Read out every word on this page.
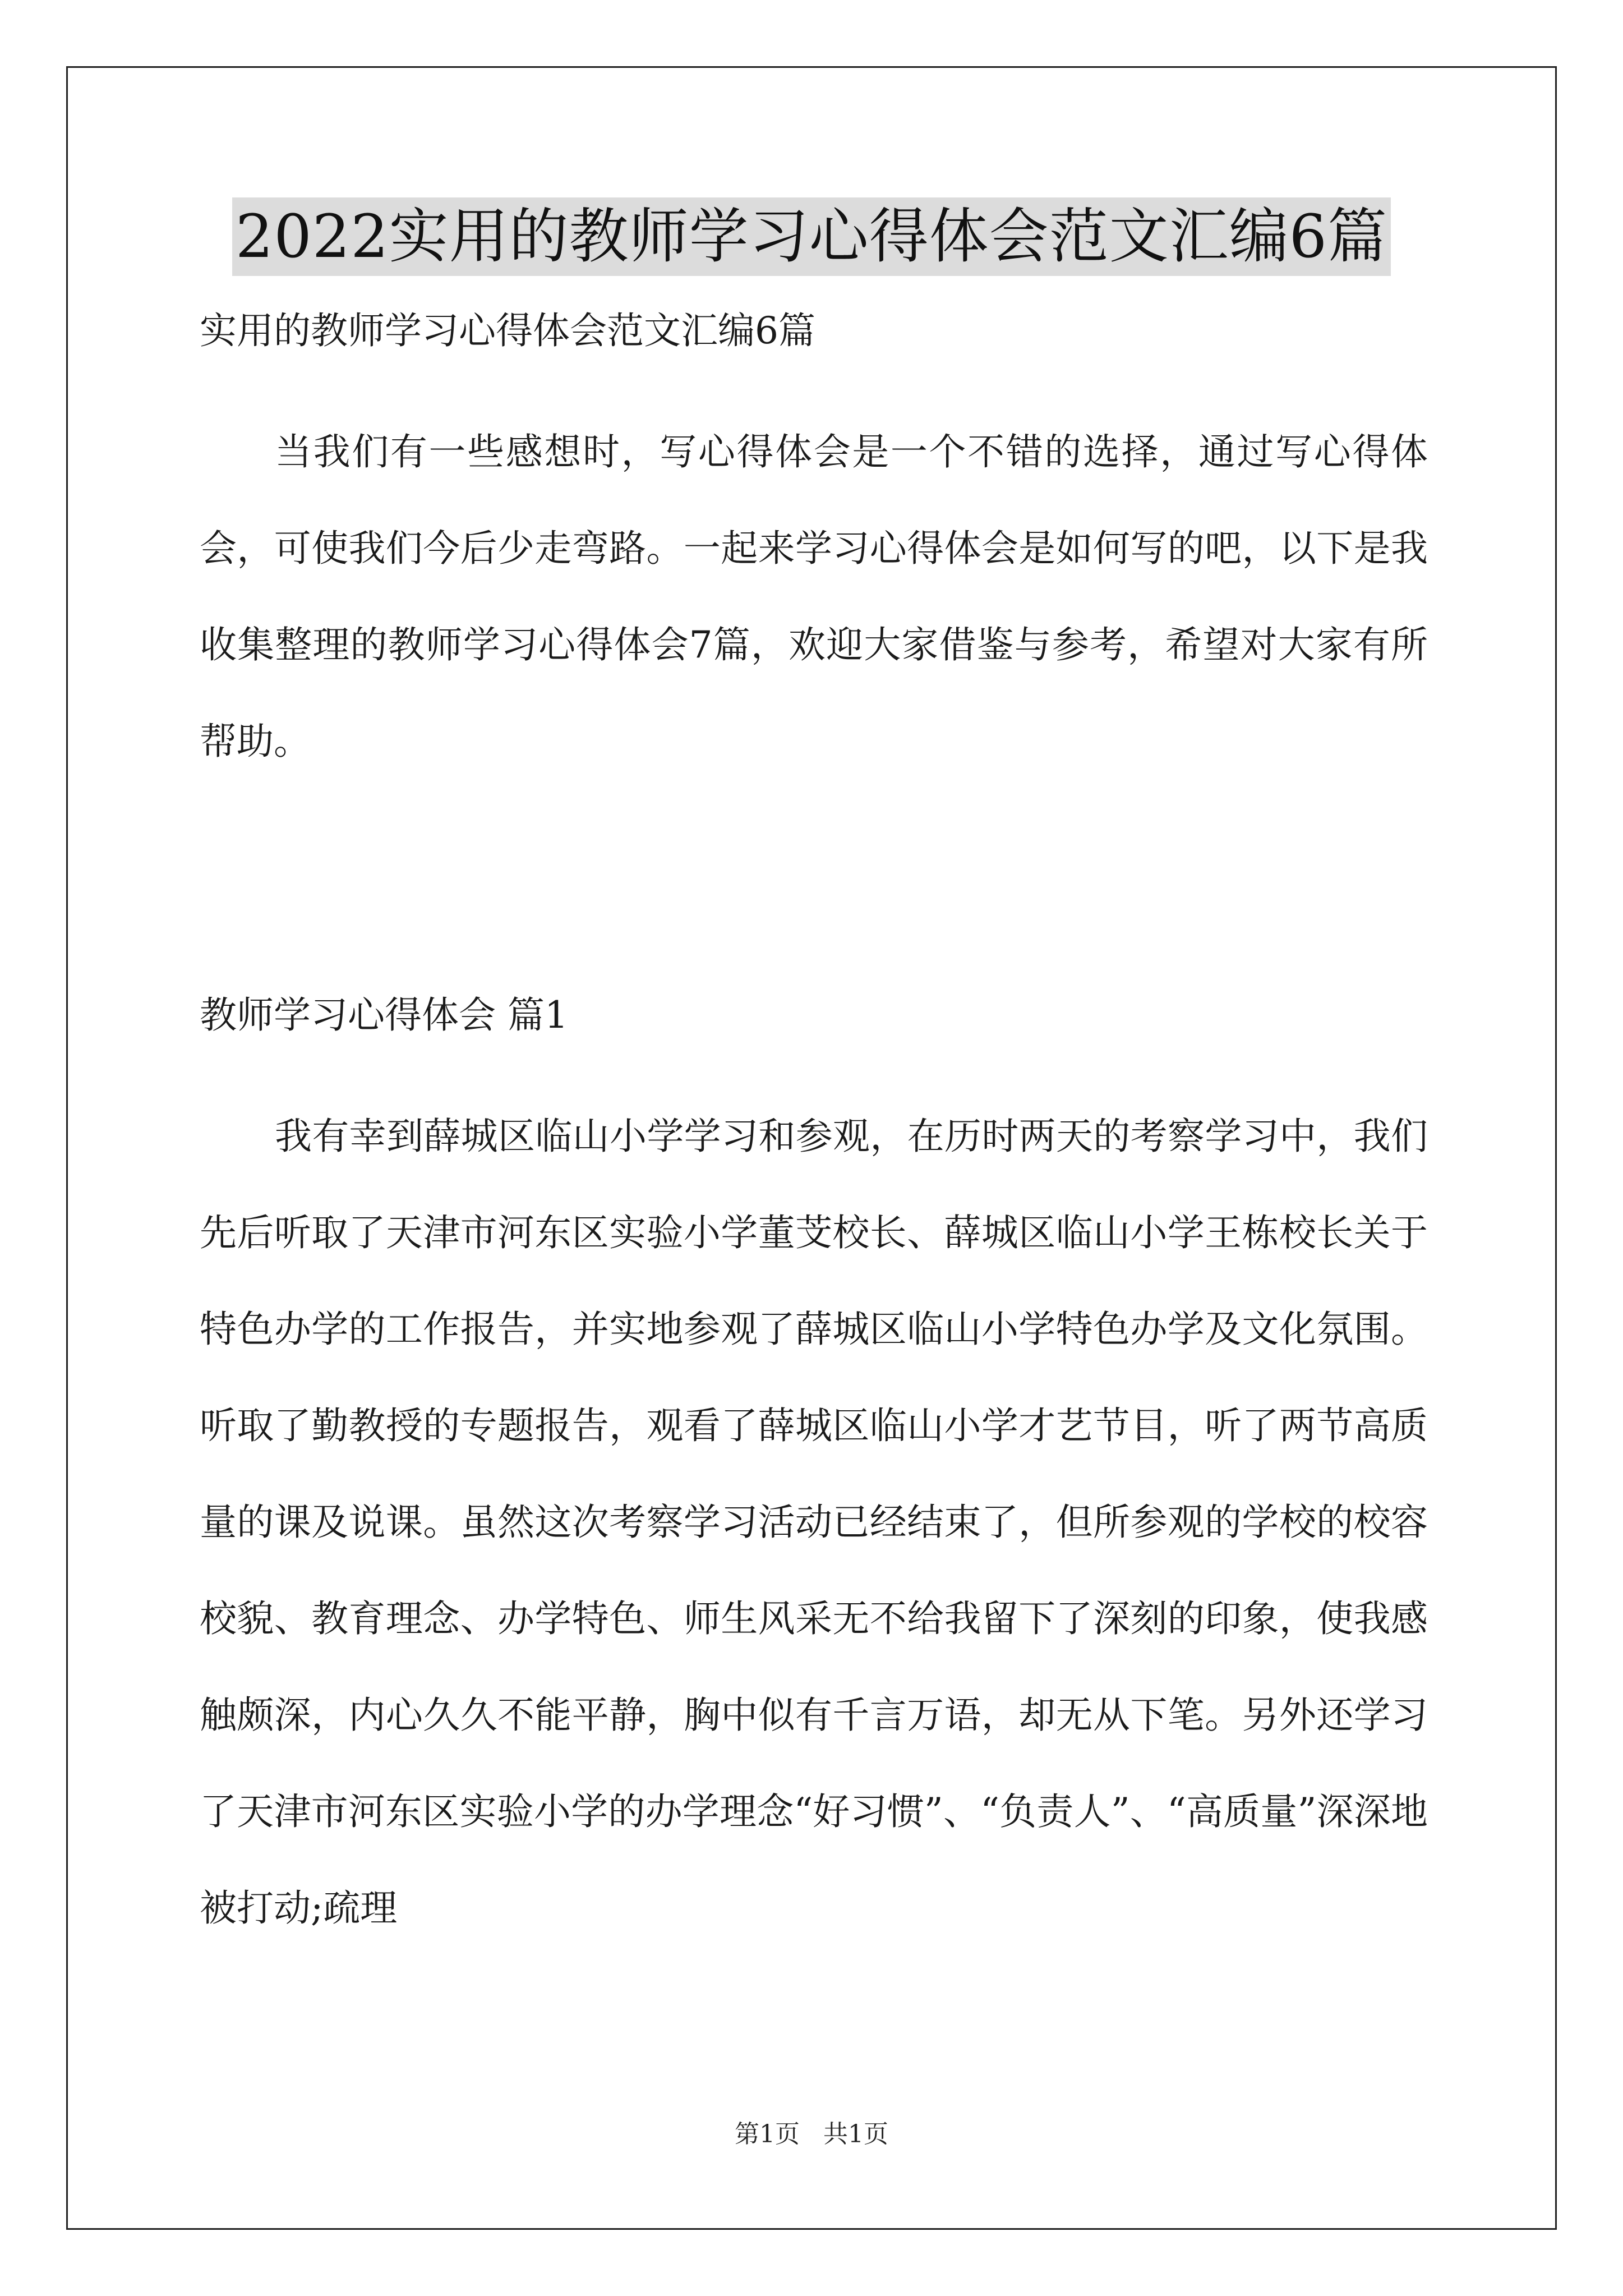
2022实用的教师学习心得体会范文汇编6篇
实用的教师学习心得体会范文汇编6篇

当我们有一些感想时，写心得体会是一个不错的选择，通过写心得体会，可使我们今后少走弯路。一起来学习心得体会是如何写的吧，以下是我收集整理的教师学习心得体会7篇，欢迎大家借鉴与参考，希望对大家有所帮助。

教师学习心得体会 篇1

我有幸到薛城区临山小学学习和参观，在历时两天的考察学习中，我们先后听取了天津市河东区实验小学董芠校长、薛城区临山小学王栋校长关于特色办学的工作报告，并实地参观了薛城区临山小学特色办学及文化氛围。听取了勤教授的专题报告，观看了薛城区临山小学才艺节目，听了两节高质量的课及说课。虽然这次考察学习活动已经结束了，但所参观的学校的校容校貌、教育理念、办学特色、师生风采无不给我留下了深刻的印象，使我感触颇深，内心久久不能平静，胸中似有千言万语，却无从下笔。另外还学习了天津市河东区实验小学的办学理念“好习惯”、“负责人”、“高质量”深深地被打动;疏理

第1页   共1页
